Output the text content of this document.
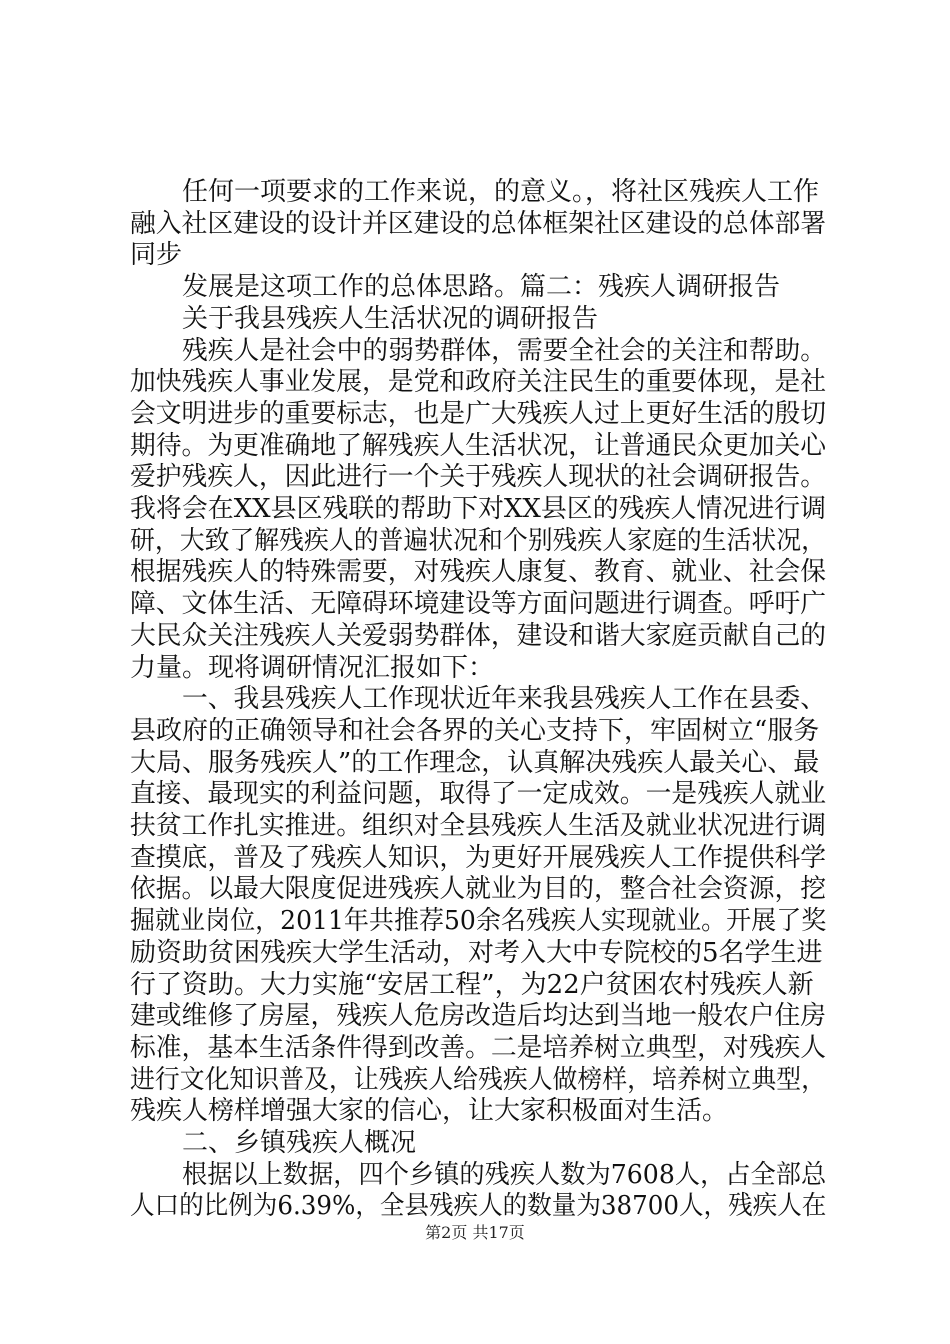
任何一项要求的工作来说，的意义。，将社区残疾人工作

融入社区建设的设计并区建设的总体框架社区建设的总体部署

同步

发展是这项工作的总体思路。篇二：残疾人调研报告

关于我县残疾人生活状况的调研报告

残疾人是社会中的弱势群体，需要全社会的关注和帮助。

加快残疾人事业发展，是党和政府关注民生的重要体现，是社

会文明进步的重要标志，也是广大残疾人过上更好生活的殷切

期待。为更准确地了解残疾人生活状况，让普通民众更加关心

爱护残疾人，因此进行一个关于残疾人现状的社会调研报告。

我将会在XX县区残联的帮助下对XX县区的残疾人情况进行调

研，大致了解残疾人的普遍状况和个别残疾人家庭的生活状况，

根据残疾人的特殊需要，对残疾人康复、教育、就业、社会保

障、文体生活、无障碍环境建设等方面问题进行调查。呼吁广

大民众关注残疾人关爱弱势群体，建设和谐大家庭贡献自己的

力量。现将调研情况汇报如下：

一、我县残疾人工作现状近年来我县残疾人工作在县委、

县政府的正确领导和社会各界的关心支持下，牢固树立“服务

大局、服务残疾人”的工作理念，认真解决残疾人最关心、最

直接、最现实的利益问题，取得了一定成效。一是残疾人就业

扶贫工作扎实推进。组织对全县残疾人生活及就业状况进行调

查摸底，普及了残疾人知识，为更好开展残疾人工作提供科学

依据。以最大限度促进残疾人就业为目的，整合社会资源，挖

掘就业岗位，2011年共推荐50余名残疾人实现就业。开展了奖

励资助贫困残疾大学生活动，对考入大中专院校的5名学生进

行了资助。大力实施“安居工程”，为22户贫困农村残疾人新

建或维修了房屋，残疾人危房改造后均达到当地一般农户住房

标准，基本生活条件得到改善。二是培养树立典型，对残疾人

进行文化知识普及，让残疾人给残疾人做榜样，培养树立典型，

残疾人榜样增强大家的信心，让大家积极面对生活。

二、乡镇残疾人概况

根据以上数据，四个乡镇的残疾人数为7608人，占全部总

人口的比例为6.39%，全县残疾人的数量为38700人，残疾人在

第2页 共17页
